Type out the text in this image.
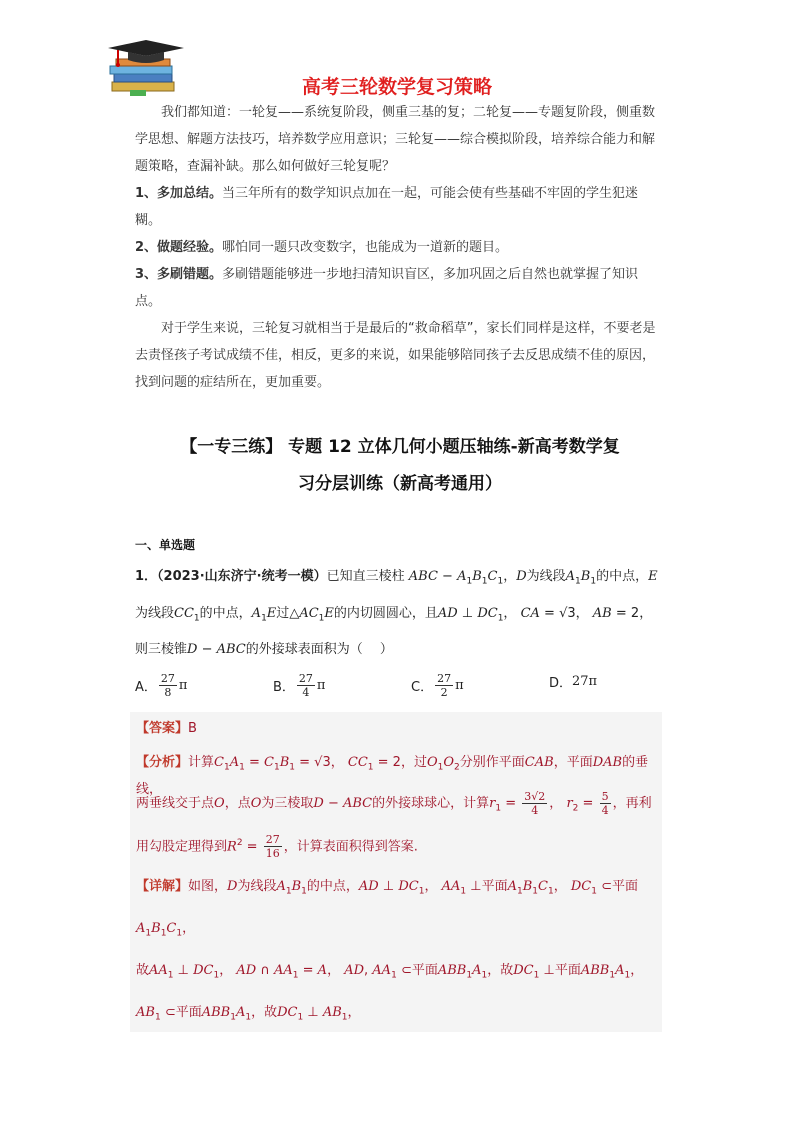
高考三轮数学复习策略
我们都知道：一轮复——系统复阶段，侧重三基的复；二轮复——专题复阶段，侧重数学思想、解题方法技巧，培养数学应用意识；三轮复——综合模拟阶段，培养综合能力和解题策略，查漏补缺。那么如何做好三轮复呢？
1、多加总结。当三年所有的数学知识点加在一起，可能会使有些基础不牢固的学生犯迷糊。
2、做题经验。哪怕同一题只改变数字，也能成为一道新的题目。
3、多刷错题。多刷错题能够进一步地扫清知识盲区，多加巩固之后自然也就掌握了知识点。
对于学生来说，三轮复习就相当于是最后的“救命稻草”，家长们同样是这样，不要老是去责怪孩子考试成绩不佳，相反，更多的来说，如果能够陪同孩子去反思成绩不佳的原因，找到问题的症结所在，更加重要。
【一专三练】 专题 12 立体几何小题压轴练-新高考数学复
习分层训练（新高考通用）
一、单选题
1．（2023·山东济宁·统考一模）已知直三棱柱 ABC − $A_1B_1C_1$，D为线段$A_1B_1$的中点，E
为线段$CC_1$的中点，$A_1E$过$\triangle AC_1E$的内切圆圆心，且AD ⊥ $DC_1$， CA = √3， AB = 2，
则三棱锥D − ABC的外接球表面积为（　 ）
A． $\frac{27}{8}$ π	B． $\frac{27}{4}$ π	C． $\frac{27}{2}$ π	D． 27π
【答案】B
【分析】计算$C_1A_1 = C_1B_1 = √3$， $CC_1 = 2$，过$O_1O_2$分别作平面CAB，平面DAB的垂线，
两垂线交于点O，点O为三棱取D − ABC的外接球球心，计算$r_1 = \frac{3√2}{4}$ ， $r_2 = \frac{5}{4}$ ，再利
用勾股定理得到$R^2 = \frac{27}{16}$ ，计算表面积得到答案.
【详解】如图，D为线段$A_1B_1$的中点，AD ⊥ $DC_1$， $AA_1$ ⊥平面$A_1B_1C_1$， $DC_1$ ⊂平面
$A_1B_1C_1$，
故$AA_1$ ⊥ $DC_1$， AD ∩ $AA_1 = A$， AD, $AA_1$ ⊂平面$ABB_1A_1$，故$DC_1$ ⊥平面$ABB_1A_1$，
$AB_1$ ⊂平面$ABB_1A_1$，故$DC_1$ ⊥ $AB_1$，
